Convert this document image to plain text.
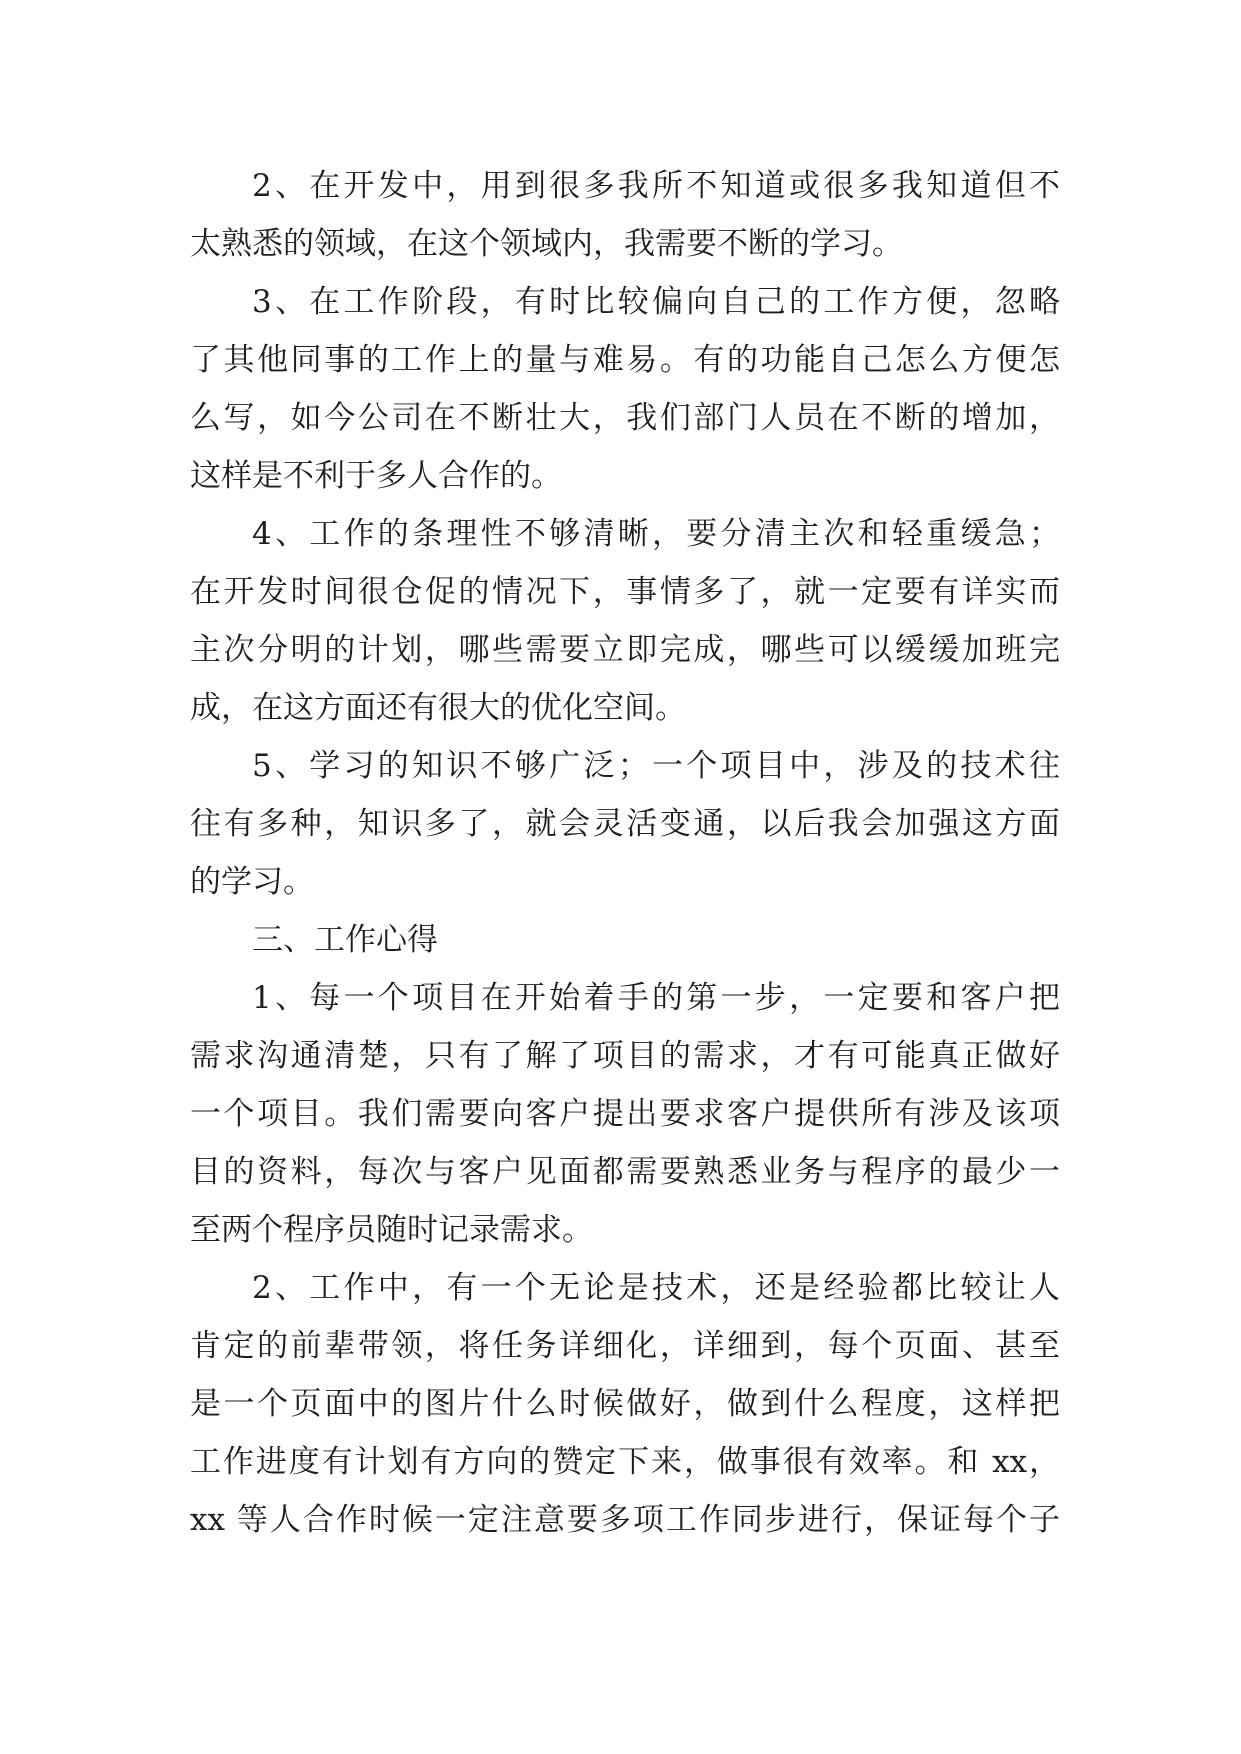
2、在开发中，用到很多我所不知道或很多我知道但不
太熟悉的领域，在这个领域内，我需要不断的学习。
3、在工作阶段，有时比较偏向自己的工作方便，忽略
了其他同事的工作上的量与难易。有的功能自己怎么方便怎
么写，如今公司在不断壮大，我们部门人员在不断的增加，
这样是不利于多人合作的。
4、工作的条理性不够清晰，要分清主次和轻重缓急；
在开发时间很仓促的情况下，事情多了，就一定要有详实而
主次分明的计划，哪些需要立即完成，哪些可以缓缓加班完
成，在这方面还有很大的优化空间。
5、学习的知识不够广泛；一个项目中，涉及的技术往
往有多种，知识多了，就会灵活变通，以后我会加强这方面
的学习。
三、工作心得
1、每一个项目在开始着手的第一步，一定要和客户把
需求沟通清楚，只有了解了项目的需求，才有可能真正做好
一个项目。我们需要向客户提出要求客户提供所有涉及该项
目的资料，每次与客户见面都需要熟悉业务与程序的最少一
至两个程序员随时记录需求。
2、工作中，有一个无论是技术，还是经验都比较让人
肯定的前辈带领，将任务详细化，详细到，每个页面、甚至
是一个页面中的图片什么时候做好，做到什么程度，这样把
工作进度有计划有方向的赞定下来，做事很有效率。和 xx，
xx 等人合作时候一定注意要多项工作同步进行，保证每个子
